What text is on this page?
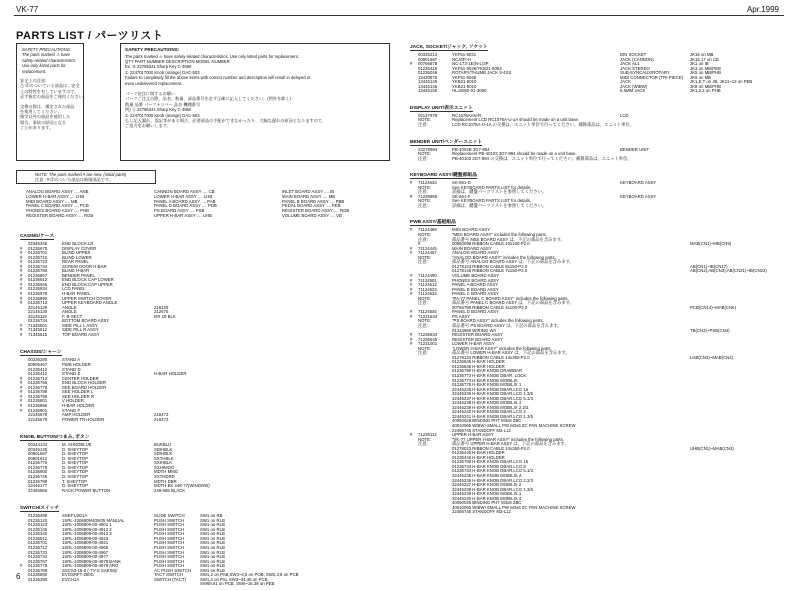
VK-77	Apr.1999
PARTS LIST / パーツリスト
SAFETY PRECAUTIONS:
The parts marked ⚠ have
safety-related characteristics.
Use only listed parts for
replacement.
安全上の注意:
⚠ 印のついている部品は、安全
上の特性を有していますので、
必ず指定の部品をご使用ください。
交換の際は、指定された部品
を使用してください。
指定以外の部品を使用した
場合、事故の原因となる
ことがあります。
SAFETY PRECAUTIONS:
The parts marked ⚠ have safety-related characteristics. Use only listed parts for replacement.
QTY PART NUMBER DESCRIPTION MODEL NUMBER
Ex. ⑤ 22785341 Sharp Key C-3860
① 2247017000 Knob (orange) DAC-503
Failure to completely fill the above items with correct number and description will result in delayed or
even undelivered replacement.
パーツ発注に関するお願い
パーツご注文の際、品名、数量、部品番号を必ず正確に記入してください。(例外を除く)
数量 品番 パーツナンバー 品名 機種番号
例) ⑤ 22785341 Sharp Key C-3860
① 2247017000 Knob (orange) DAC-503
もし記入漏れ、誤記等がある場合、必要部品の手配ができなかったり、大幅な遅れの原因となりますので、
ご協力をお願いします。
NOTE: The parts marked # are new. (initial parts)
注意 : # 印のついた部品は新規部品です。
ANALOG BOARD ASSY .... ANB	CANNON BOARD ASSY .... CB	INLET BOARD ASSY .... IB
LOWER H-BAR ASSY .... LHB	LOWER H-BAR ASSY .... LHB	MAIN BOARD ASSY .... MB
MIDI BOARD ASSY .... MB	PANEL A BOARD ASSY .... PAB	PANEL B BOARD ASSY .... PBB
PANEL C BOARD ASSY .... PCB	PANEL D BOARD ASSY .... PDB	PEDAL BOARD ASSY .... PEB
PHONES BOARD ASSY .... PHB	PS BOARD ASSY .... PSB	REGISTER BOARD ASSY .... RGB
REGISTER BOARD ASSY .... RGB	UPPER H-BAR ASSY .... UHB	VOLUME BOARD ASSY .... VB
CASING/ケース
02345345	END BLOCK LR
#	01236678	DISPLAY COVER
#	01236701	BLIND UPPER
#	01236710	BLIND LOWER
#	01236723	REAR PANEL
#	01236734	SCREW DOOR H-BAR
#	01236780	BLIND H-BAR
#	01236867	BENDER PANEL
#	01236912	END BLOCK CAP LOWER
#	01236945	END BLOCK CAP UPPER
#	01236934	LCD PANEL
#	01236978	H-BAR PANEL
#	01236890	UPPER SWITCH COVER
#	01236712	UPPER KEYBOARD ANGLE
22145129	ANGLE	216129
22145130	ANGLE	212675
22145116	F. B-SECT	MX 18 BLK
01236734	BOTTOM BOARD ASSY
#	71345501	SIDE PILL L ASSY
#	71345512	SIDE PILL R ASSY
#	71345515	TOP BOARD ASSY
CHASSIS/シャーシ
00236290	STAND A
00906467	PWB HOLDER
01236412	STAND D
01236412	STAND E	H-BAR HOLDER
#	01236712	CENTER HOLDER
#	01236756	END BLOCK HOLDER
#	01236778	SEE BOARD HOLDER
#	01236789	SEE HOLDER L
#	01236790	SEE HOLDER R
#	01236801	V HOLDER
#	01236856	H-BAR HOLDER
#	01236901	STAND F
22145678	AMP HOLDER	216473
22145679	POWER TR HOLDER	216473
KNOB, BUTTON/つまみ, ボタン
00344134	M. SHNOBLUE	BUKBLU
00345125	D. SHEYTOP	SDIHBLK
00901687	D. SHEYTOP	SDIHBLK
00901612	D. SHEYTOP	SXTHBLK
01236776	D. SHEYTOP	SXIHBLK
01236778	D. SHEYTOP	SXHIMOG
01236900	D. SHEYTOP	MDTH MMG
01236745	D. SHEYTOP	SXTHDRD
01236789	T. SHEYTOP	MDTH DBR
22445177	D. SHEYTOP	MDTH BK 249-77(WINDOW)
22465665	RACK POWER BUTTON	249-665 BLACK
SWITCH/スイッチ
01236489	SSEF1/2E1A	SLIDE SWITCH	SW1 on RB
01236120	1SRL-1006809/400/05 MANUAL	PUSH SWITCH	SW1 on RLB
01236123	1SRL-1006809-00-4901 1	PUSH SWITCH	SW1 on RLB
01236135	1SRL-1006809-00-4912 2	PUSH SWITCH	SW1 on RLB
01236340	1SRL-1006809-00-4913 3	PUSH SWITCH	SW1 on RLB
01236512	1SRL-1006809-00-4923	PUSH SWITCH	SW1 on RLB
01236701	1SRL-1006809-00-4921	PUSH SWITCH	SW1 on RLB
01236712	1SRL-1006809-00-4965	PUSH SWITCH	SW1 on RLB
01236723	1SRL-1006809-00-4967	PUSH SWITCH	SW1 on RLB
01236734	1SRL-1006809-00-4977	PUSH SWITCH	SW1 on RLB
01236767	1SRL-1006809-00-4978 BANK	PUSH SWITCH	SW1 on RLB
#	01236778	1SRL-1006809-00-4979 ARG	PUSH SWITCH	SW1 on RLB
01236789	SSCS3-16-0 (-TV-S SAES8)/	AC PUSH SWITCH	SW1 on RLB
01236890	EVOSRFT-250G	TACT SWITCH	SW1,2 on PAB,SW3~4,6 on POB, SW2,3,8 on PCB
01236290	EVCH1A	SWITCH (TACT)	SW1,2 on PAL SW3~34,46 on PCB,
SW69,91 on PCB, SW6~16,38 on PEB
JACK, SOCKET/ジャック, ソケット
00345213	YKF51-5031	DIN SOCKET	JK16 on MB
00901687	NCJ6FI-H	JACK (CANNON)	JK15,17 on CB
#	00766878	NC-173-1E(N-L)3P	JACK AL1	JK1 on IB
01236415	YKF51-5036/YKB21-5053	JACK STEREO	JK3 on MB/PEB
01236046	ROTARY/THUMB JACK 5-4SS	SUB-SYNCAUX/ROTARY	JK5 on MB/PHB
13420875	YKF51-5048	MIDI CONNECTOR (TRI-PIECE)	JK9 on MB
13445145	YKB21-5010	JACK	JK1,E,T on JB, JK11~13 on PEB
13445146	YKB21-5010	JACK (WIBW)	JK8 on MB/PHB
13445156	HLJ4050-01-3060	6.5MM JACK	JK1,2,3 on PHB
DISPLAY UNIT/表示ユニット
02127978	RC1076AAN-R-	LCD
NOTE:	Replacement LCD RC1076A-U-1A should be made on a unit base.
注意:	LCD RC1076A-U-1A の交換は、ユニット単位で行ってください。補修部品は、ユニット単位。
BENDER UNIT/ベンダーユニット
23278994	PB-4002B 3G7-894	BENDER UNIT
NOTE:	Replacement PB-40103 3G7-894 should be made on a unit base.
注意:	PB-40103 3G7-894 の交換は、ユニット単位で行ってください。補修部品は、ユニット単位。
KEYBOARD ASSY/鍵盤部組品
#	71124634	SK-661-D	KEYBOARD ASSY
NOTE:	See KEYBOARD PARTS LIST for details.
注意:	詳細は、鍵盤パーツリストを参照してください。
#	71236956	SK-661-F	KEYBOARD ASSY
NOTE:	See KEYBOARD PARTS LIST for details.
注意:	詳細は、鍵盤パーツリストを参照してください。
PWB ASSY/基板組品
#	71124489	MIDI BOARD ASSY
NOTE:	"MIDI BOARD ASSY" includes the following parts.
注意:	部品番号 MIDI BOARD ASSY は、下記の部品を含みます。
#	00960098 RIBBON CABLE 10x100-P2.0	MAB(CN1)~MB(CN9)
#	71124445	MAIN BOARD ASSY
#	71124467	ANALOG BOARD ASSY
NOTE:	"ANALOG BOARD ASSY" includes the following parts.
注意:	部品番号 ANALOG BOARD ASSY は、下記の部品を含みます。
01278123 RIBBON CABLE 8x150-P2.0	AB(CN1)~IB(CN17)
01278145 RIBBON CABLE 7x150-P2.0	AB(CN2),AB(CN3),AB(CN21)~IB(CN22)
#	71124490	VOLUME BOARD ASSY
#	71124501	PHONES BOARD ASSY
#	71124512	PANEL A BOARD ASSY
#	71124523	PANEL B BOARD ASSY
#	71124534	PANEL C BOARD ASSY
NOTE:	"PA-77 PANEL C BOARD ASSY" includes the following parts.
注意:	部品番号 PANEL C BOARD ASSY は、下記の部品を含みます。
00766790 RIBBON CABLE 4x100-P2.0	PCB(CN14)~MAB(CN6)
#	71124545	PANEL D BOARD ASSY
#	71231634	PS ASSY
NOTE:	"PS BOARD ASSY" includes the following parts.
注意:	部品番号 PS BOARD ASSY は、下記の部品を含みます。
01234560 WIRING W/I	TB(CN3)~PSB(CN4)
#	71236634	REGISTER BOARD ASSY
#	71236645	REGISTER BOARD ASSY
#	71231001	LOWER H-BAR ASSY
NOTE:	"LOWER H-BAR ASSY" includes the following parts.
注意:	部品番号 LOWER H-BAR ASSY は、下記の部品を含みます。
01278123 RIBBON CABLE 14x350-P2.0	LHB(CN3)~MAB(CN4)
01236645 H-BAR HOLDER
01236646 H-BAR HOLDER
01236790 H-BAR KNOB DRAWBAR
01236773 H-BAR KNOB DBAR. LOCK
01236774 H-BAR KNOB MOBILIX
01236775 H-BAR KNOB MOBILIX 1
32445235 H-BAR KNOB DBAR.LCG 16
32445236 H-BAR KNOB DBAR.LCG 1.3/5
32445237 H-BAR KNOB DBAR.LCG 5.1/3
32445238 H-BAR KNOB MOBILIX 4
32445239 H-BAR KNOB MOBILIX 2.2/3
32445240 H-BAR KNOB DBAR.LCG 2
32445241 H-BAR KNOB DBAR.LCG 1.3/5
40050025 BINDING PHT M3x8 ZBC
40010065 WIBW+SMALL PW M3x6 ZC PAN MACHINE SCREW
22456745 STANDOFF M3-L12
#	71236112	UPPER H-BAR ASSY
NOTE:	"VK-77 UPPER H-BAR ASSY" includes the following parts.
注意:	部品番号 UPPER H-BAR ASSY は、下記の部品を含みます。
01278023 RIBBON CABLE 14x350-P2.0	UHB(CN1)~MAB(CN3)
01236445 H-BAR HOLDER
01236446 H-BAR HOLDER
01236790 H-BAR KNOB DBAR.LCG 16
01236733 H-BAR KNOB DBAR.LCG 8
01236734 H-BAR KNOB DBAR.LCG 5.1/3
32445235 H-BAR KNOB MOBILIX 4
32445236 H-BAR KNOB DBAR.LCG 2.2/3
32445237 H-BAR KNOB MOBILIX 2
32445238 H-BAR KNOB DBAR.LCG 1.3/5
32445239 H-BAR KNOB MOBILIX 1
32445240 H-BAR KNOB MOBILIX 4
40050025 BINDING PHT M3x8 ZBC
40010065 WIBW+SMALL PW M3x6 ZC PAN MACHINE SCREW
22456745 STANDOFF M3-L12
6
